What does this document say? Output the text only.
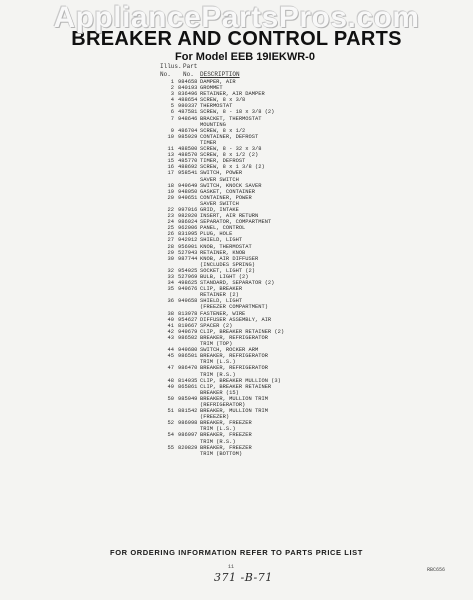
AppliancePartsPros.com
BREAKER AND CONTROL PARTS
For Model EEB 19IEKWR-0
Illus. Part
No. No. DESCRIPTION
1 984658 DAMPER, AIR
2 840193 GROMMET
3 836496 RETAINER, AIR DAMPER
4 488654 SCREW, 8 x 3/8
5 980337 THERMOSTAT
6 487581 SCREW, 8 - 18 x 3/8 (2)
7 948646 BRACKET, THERMOSTAT
MOUNTING
9 486704 SCREW, 8 x 1/2
10 985929 CONTAINER, DEFROST
TIMER
11 488500 SCREW, 8 - 32 x 3/8
13 488570 SCREW, 8 x 1/2 (2)
15 485770 TIMER, DEFROST
16 488692 SCREW, 8 x 1 3/8 (2)
17 958541 SWITCH, POWER
SAVER SWITCH
18 949649 SWITCH, KNOCK SAVER
19 948050 GASKET, CONTAINER
20 949651 CONTAINER, POWER
SAVER SWITCH
22 997016 GRID, INTAKE
23 982020 INSERT, AIR RETURN
24 986024 SEPARATOR, COMPARTMENT
25 962006 PANEL, CONTROL
26 831995 PLUG, HOLE
27 942912 SHIELD, LIGHT
28 956901 KNOB, THERMOSTAT
29 527943 RETAINER, KNOB
30 987744 KNOB, AIR DIFFUSER
(INCLUDES SPRING)
32 954025 SOCKET, LIGHT (2)
33 527969 BULB, LIGHT (2)
34 498625 STANDARD, SEPARATOR (2)
35 949676 CLIP, BREAKER
RETAINER (2)
36 949658 SHIELD, LIGHT
(FREEZER COMPARTMENT)
38 813978 FASTENER, WIRE
40 954627 DIFFUSER ASSEMBLY, AIR
41 819667 SPACER (2)
42 949679 CLIP, BREAKER RETAINER (2)
43 986502 BREAKER, REFRIGERATOR
TRIM (TOP)
44 949680 SWITCH, ROCKER ARM
45 986501 BREAKER, REFRIGERATOR
TRIM (L.S.)
47 986470 BREAKER, REFRIGERATOR
TRIM (R.S.)
48 814035 CLIP, BREAKER MULLION (3)
49 865861 CLIP, BREAKER RETAINER
BREAKER (15)
50 985949 BREAKER, MULLION TRIM
(REFRIGERATOR)
51 881542 BREAKER, MULLION TRIM
(FREEZER)
52 986998 BREAKER, FREEZER
TRIM (L.S.)
54 986997 BREAKER, FREEZER
TRIM (R.S.)
55 820829 BREAKER, FREEZER
TRIM (BOTTOM)
FOR ORDERING INFORMATION REFER TO PARTS PRICE LIST
11	RBC656
371 -B-71
